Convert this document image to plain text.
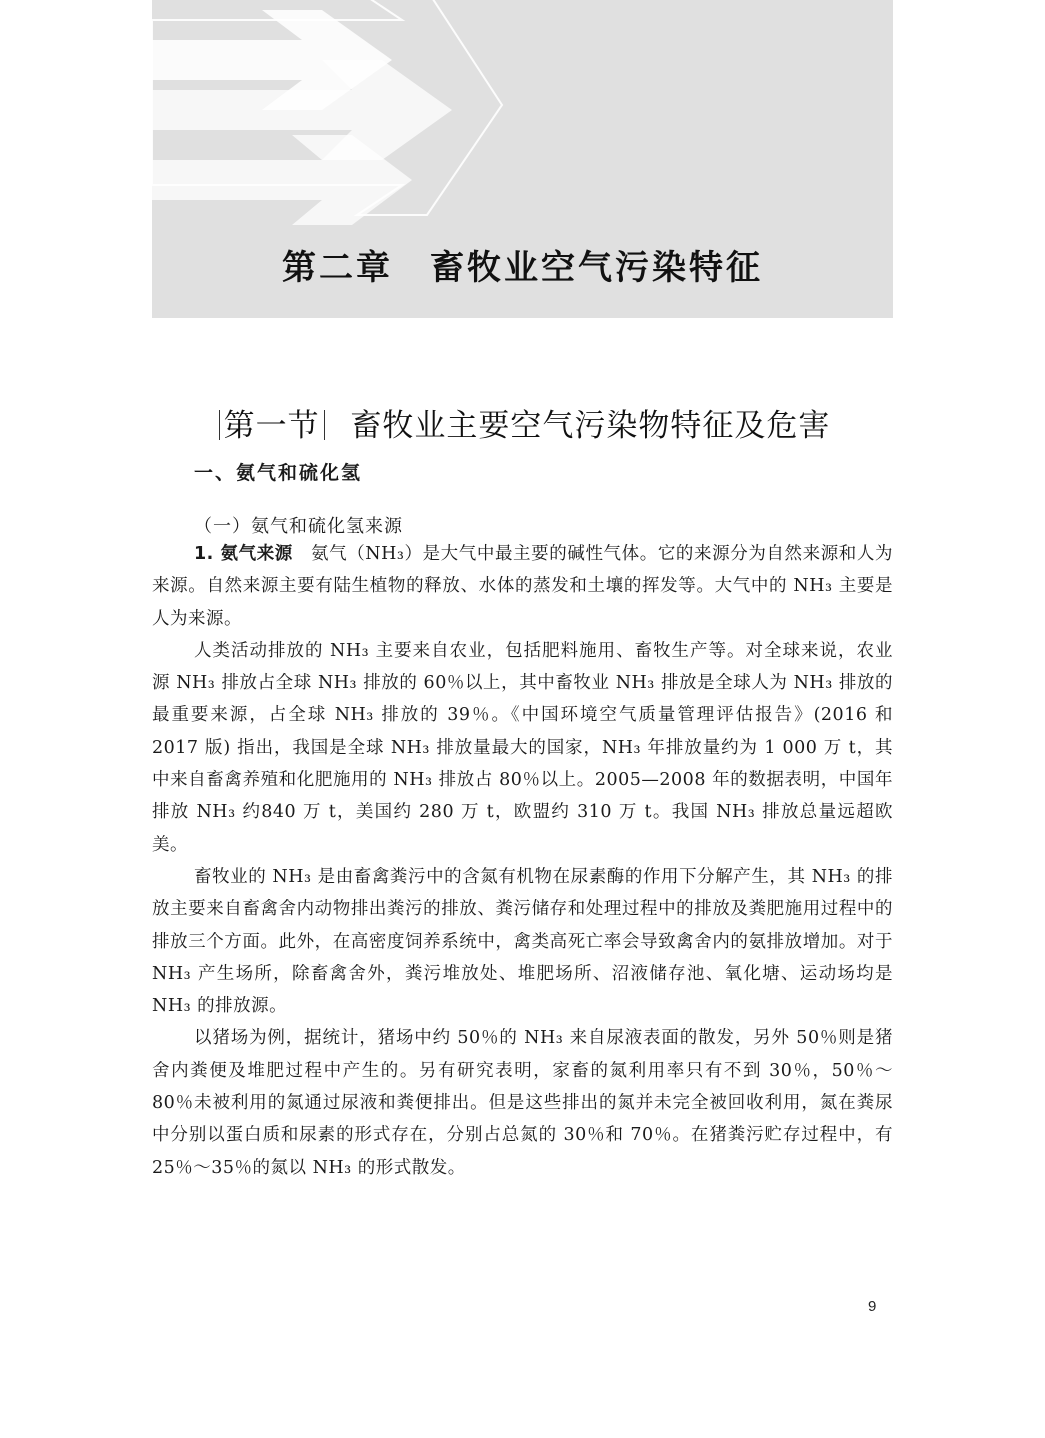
第二章　畜牧业空气污染特征
第一节 畜牧业主要空气污染物特征及危害
一、氨气和硫化氢
（一）氨气和硫化氢来源

1. 氨气来源　氨气（NH₃）是大气中最主要的碱性气体。它的来源分为自然来源和人为来源。自然来源主要有陆生植物的释放、水体的蒸发和土壤的挥发等。大气中的 NH₃ 主要是人为来源。

人类活动排放的 NH₃ 主要来自农业，包括肥料施用、畜牧生产等。对全球来说，农业源 NH₃ 排放占全球 NH₃ 排放的 60％以上，其中畜牧业 NH₃ 排放是全球人为 NH₃ 排放的最重要来源，占全球 NH₃ 排放的 39％。《中国环境空气质量管理评估报告》(2016 和 2017 版) 指出，我国是全球 NH₃ 排放量最大的国家，NH₃ 年排放量约为 1 000 万 t，其中来自畜禽养殖和化肥施用的 NH₃ 排放占 80％以上。2005—2008 年的数据表明，中国年排放 NH₃ 约840 万 t，美国约 280 万 t，欧盟约 310 万 t。我国 NH₃ 排放总量远超欧美。

畜牧业的 NH₃ 是由畜禽粪污中的含氮有机物在尿素酶的作用下分解产生，其 NH₃ 的排放主要来自畜禽舍内动物排出粪污的排放、粪污储存和处理过程中的排放及粪肥施用过程中的排放三个方面。此外，在高密度饲养系统中，禽类高死亡率会导致禽舍内的氨排放增加。对于 NH₃ 产生场所，除畜禽舍外，粪污堆放处、堆肥场所、沼液储存池、氧化塘、运动场均是 NH₃ 的排放源。

以猪场为例，据统计，猪场中约 50％的 NH₃ 来自尿液表面的散发，另外 50％则是猪舍内粪便及堆肥过程中产生的。另有研究表明，家畜的氮利用率只有不到 30％，50％～80％未被利用的氮通过尿液和粪便排出。但是这些排出的氮并未完全被回收利用，氮在粪尿中分别以蛋白质和尿素的形式存在，分别占总氮的 30％和 70％。在猪粪污贮存过程中，有 25％～35％的氮以 NH₃ 的形式散发。

9
